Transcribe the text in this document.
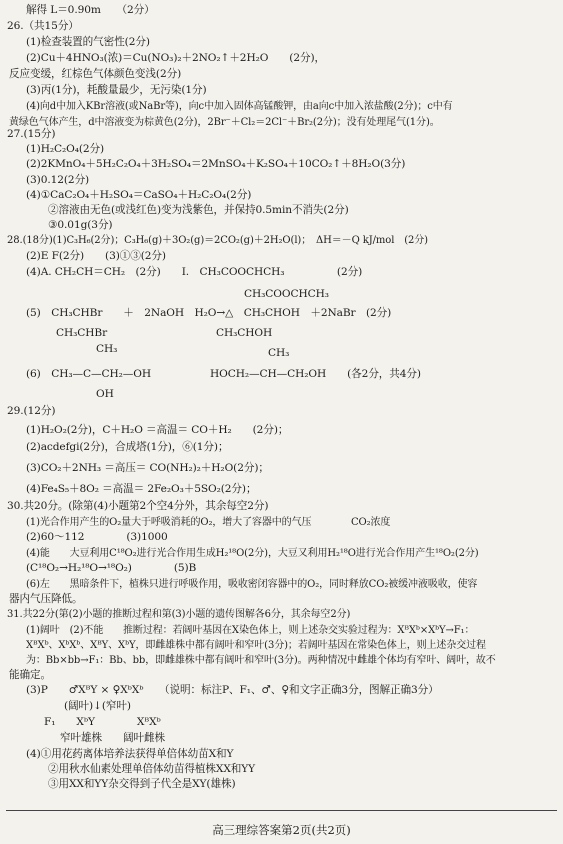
解得 L＝0.90m　　（2分）
26.（共15分）
(1)检查装置的气密性(2分)
(2)Cu＋4HNO₃(浓)＝Cu(NO₃)₂＋2NO₂↑＋2H₂O　　(2分)，
反应变缓，红棕色气体颜色变浅(2分)
(3)丙(1分)，耗酸量最少，无污染(1分)
(4)向d中加入KBr溶液(或NaBr等)，向c中加入固体高锰酸钾，由a向c中加入浓盐酸(2分)；c中有
黄绿色气体产生，d中溶液变为棕黄色(2分)，2Br⁻＋Cl₂＝2Cl⁻＋Br₂(2分)；没有处理尾气(1分)。
27.(15分)
(1)H₂C₂O₄(2分)
(2)2KMnO₄＋5H₂C₂O₄＋3H₂SO₄＝2MnSO₄＋K₂SO₄＋10CO₂↑＋8H₂O(3分)
(3)0.12(2分)
(4)①CaC₂O₄＋H₂SO₄＝CaSO₄＋H₂C₂O₄(2分)
②溶液由无色(或浅红色)变为浅紫色，并保持0.5min不消失(2分)
③0.01g(3分)
28.(18分)(1)C₃H₆(2分)；C₃H₆(g)＋3O₂(g)＝2CO₂(g)＋2H₂O(l)；　ΔH＝－Q kJ/mol　(2分)
(2)E F(2分)　　(3)①③(2分)
(4)A. CH₂CH＝CH₂　(2分)　　I.　CH₃COOCHCH₃　　　　　(2分)
CH₃COOCHCH₃
(5)　CH₃CHBr　　＋　2NaOH　H₂O→△　CH₃CHOH　＋2NaBr　(2分)
CH₃CHBr	CH₃CHOH
CH₃	CH₃
(6)　CH₃—C—CH₂—OH	HOCH₂—CH—CH₂OH　　(各2分，共4分)
OH
29.(12分)
(1)H₂O₂(2分)，C＋H₂O ＝高温＝ CO＋H₂　　(2分)；
(2)acdefgi(2分)，合成塔(1分)，⑥(1分)；
(3)CO₂＋2NH₃ ＝高压＝ CO(NH₂)₂＋H₂O(2分)；
(4)Fe₄S₅＋8O₂ ＝高温＝ 2Fe₂O₃＋5SO₂(2分)；
30.共20分。(除第(4)小题第2个空4分外，其余每空2分)
(1)光合作用产生的O₂量大于呼吸消耗的O₂，增大了容器中的气压　　　　CO₂浓度
(2)60～112　　　　(3)1000
(4)能　　大豆利用C¹⁸O₂进行光合作用生成H₂¹⁸O(2分)，大豆又利用H₂¹⁸O进行光合作用产生¹⁸O₂(2分)
(C¹⁸O₂→H₂¹⁸O→¹⁸O₂)　　　　(5)B
(6)左　　黑暗条件下，植株只进行呼吸作用，吸收密闭容器中的O₂，同时释放CO₂被缓冲液吸收，使容
器内气压降低。
31.共22分(第(2)小题的推断过程和第(3)小题的遗传图解各6分，其余每空2分)
(1)阔叶　(2)不能　　推断过程：若阔叶基因在X染色体上，则上述杂交实验过程为：XᴮXᵇ×XᵇY→F₁：
XᴮXᵇ、XᵇXᵇ、XᴮY、XᵇY，即雌雄株中都有阔叶和窄叶(3分)；若阔叶基因在常染色体上，则上述杂交过程
为：Bb×bb→F₁：Bb、bb，即雌雄株中都有阔叶和窄叶(3分)。两种情况中雌雄个体均有窄叶、阔叶，故不
能确定。
(3)P　　♂XᴮY × ♀XᵇXᵇ　　（说明：标注P、F₁、♂、♀和文字正确3分，图解正确3分）
(阔叶)↓(窄叶)
F₁　　XᵇY　　　　XᴮXᵇ
窄叶雄株　　阔叶雌株
(4)①用花药离体培养法获得单倍体幼苗X和Y
②用秋水仙素处理单倍体幼苗得植株XX和YY
③用XX和YY杂交得到子代全是XY(雄株)
高三理综答案第2页(共2页)
